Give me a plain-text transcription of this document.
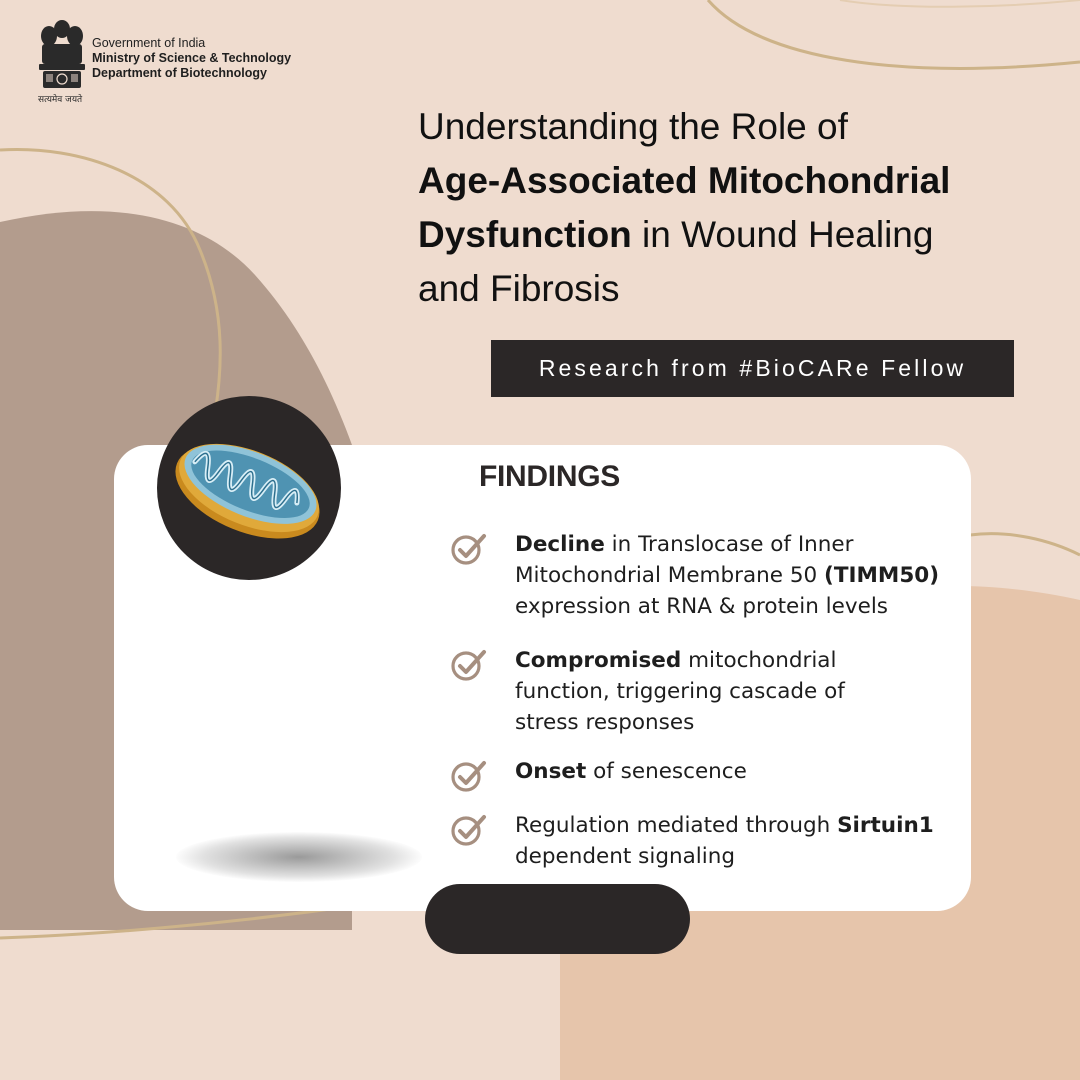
सत्यमेव जयते
Government of India
Ministry of Science & Technology
Department of Biotechnology
Understanding the Role of
Age-Associated Mitochondrial
Dysfunction in Wound Healing
and Fibrosis
Research from #BioCARe Fellow
FINDINGS
Decline in Translocase of Inner Mitochondrial Membrane 50 (TIMM50) expression at RNA & protein levels
Compromised mitochondrial function, triggering cascade of stress responses
Onset of senescence
Regulation mediated through Sirtuin1
dependent signaling
